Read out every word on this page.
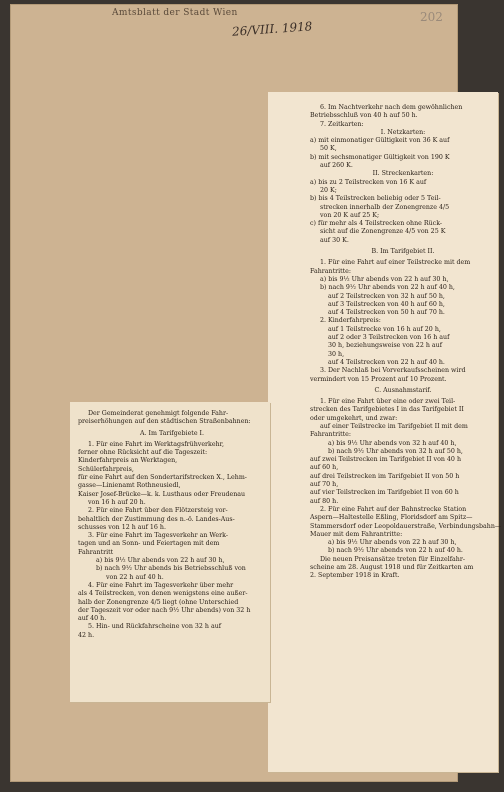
Amtsblatt der Stadt Wien
26/VIII. 1918
202
Der Gemeinderat genehmigt folgende Fahr-
preiserhöhungen auf den städtischen Straßenbahnen:
A. Im Tarifgebiete I.
1. Für eine Fahrt im Werktagsfrühverkehr,
ferner ohne Rücksicht auf die Tageszeit:
Kinderfahrpreis an Werktagen,
Schülerfahrpreis,
für eine Fahrt auf den Sondertarifstrecken X., Lehm-
gasse—Linienamt Rothneusiedl,
Kaiser Josef-Brücke—k. k. Lusthaus oder Freudenau
von 16 h auf 20 h.
2. Für eine Fahrt über den Flötzersteig vor-
behaltlich der Zustimmung des n.-ö. Landes-Aus-
schusses von 12 h auf 16 h.
3. Für eine Fahrt im Tagesverkehr an Werk-
tagen und an Sonn- und Feiertagen mit dem
Fahrantritt
a) bis 9½ Uhr abends von 22 h auf 30 h,
b) nach 9½ Uhr abends bis Betriebsschluß von
von 22 h auf 40 h.
4. Für eine Fahrt im Tagesverkehr über mehr
als 4 Teilstrecken, von denen wenigstens eine außer-
halb der Zonengrenze 4/5 liegt (ohne Unterschied
der Tageszeit vor oder nach 9½ Uhr abends) von 32 h
auf 40 h.
5. Hin- und Rückfahrscheine von 32 h auf
42 h.
6. Im Nachtverkehr nach dem gewöhnlichen
Betriebsschluß von 40 h auf 50 h.
7. Zeitkarten:
I. Netzkarten:
a) mit einmonatiger Gültigkeit von 36 K auf
50 K,
b) mit sechsmonatiger Gültigkeit von 190 K
auf 260 K.
II. Streckenkarten:
a) bis zu 2 Teilstrecken von 16 K auf
20 K;
b) bis 4 Teilstrecken beliebig oder 5 Teil-
strecken innerhalb der Zonengrenze 4/5
von 20 K auf 25 K;
c) für mehr als 4 Teilstrecken ohne Rück-
sicht auf die Zonengrenze 4/5 von 25 K
auf 30 K.
B. Im Tarifgebiet II.
1. Für eine Fahrt auf einer Teilstrecke mit dem
Fahrantritte:
a) bis 9½ Uhr abends von 22 h auf 30 h,
b) nach 9½ Uhr abends von 22 h auf 40 h,
auf 2 Teilstrecken von 32 h auf 50 h,
auf 3 Teilstrecken von 40 h auf 60 h,
auf 4 Teilstrecken von 50 h auf 70 h.
2. Kinderfahrpreis:
auf 1 Teilstrecke von 16 h auf 20 h,
auf 2 oder 3 Teilstrecken von 16 h auf
30 h, beziehungsweise von 22 h auf
30 h,
auf 4 Teilstrecken von 22 h auf 40 h.
3. Der Nachlaß bei Vorverkaufsscheinen wird
vermindert von 15 Prozent auf 10 Prozent.
C. Ausnahmstarif.
1. Für eine Fahrt über eine oder zwei Teil-
strecken des Tarifgebietes I in das Tarifgebiet II
oder umgekehrt, und zwar:
auf einer Teilstrecke im Tarifgebiet II mit dem
Fahrantritte:
a) bis 9½ Uhr abends von 32 h auf 40 h,
b) nach 9½ Uhr abends von 32 h auf 50 h,
auf zwei Teilstrecken im Tarifgebiet II von 40 h
auf 60 h,
auf drei Teilstrecken im Tarifgebiet II von 50 h
auf 70 h,
auf vier Teilstrecken im Tarifgebiet II von 60 h
auf 80 h.
2. Für eine Fahrt auf der Bahnstrecke Station
Aspern—Haltestelle Eßling, Floridsdorf am Spitz—
Stammersdorf oder Leopoldauerstraße, Verbindungsbahn—
Mauer mit dem Fahrantritte:
a) bis 9½ Uhr abends von 22 h auf 30 h,
b) nach 9½ Uhr abends von 22 h auf 40 h.
Die neuen Preisansätze treten für Einzelfahr-
scheine am 28. August 1918 und für Zeitkarten am
2. September 1918 in Kraft.
